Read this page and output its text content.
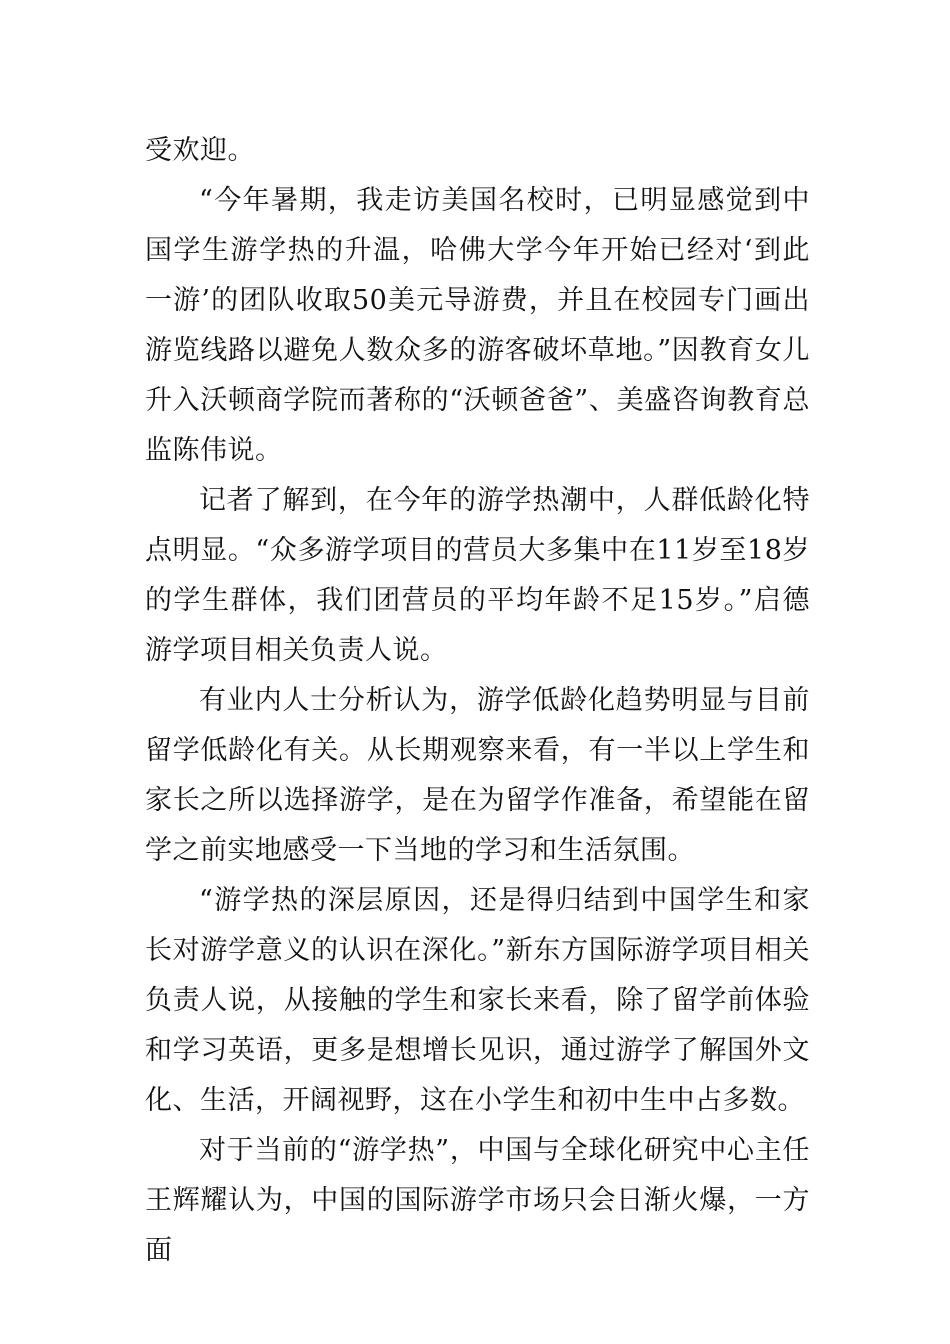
受欢迎。

“今年暑期，我走访美国名校时，已明显感觉到中国学生游学热的升温，哈佛大学今年开始已经对‘到此一游’的团队收取50美元导游费，并且在校园专门画出游览线路以避免人数众多的游客破坏草地。”因教育女儿升入沃顿商学院而著称的“沃顿爸爸”、美盛咨询教育总监陈伟说。

记者了解到，在今年的游学热潮中，人群低龄化特点明显。“众多游学项目的营员大多集中在11岁至18岁的学生群体，我们团营员的平均年龄不足15岁。”启德游学项目相关负责人说。

有业内人士分析认为，游学低龄化趋势明显与目前留学低龄化有关。从长期观察来看，有一半以上学生和家长之所以选择游学，是在为留学作准备，希望能在留学之前实地感受一下当地的学习和生活氛围。

“游学热的深层原因，还是得归结到中国学生和家长对游学意义的认识在深化。”新东方国际游学项目相关负责人说，从接触的学生和家长来看，除了留学前体验和学习英语，更多是想增长见识，通过游学了解国外文化、生活，开阔视野，这在小学生和初中生中占多数。

对于当前的“游学热”，中国与全球化研究中心主任王辉耀认为，中国的国际游学市场只会日渐火爆，一方面
